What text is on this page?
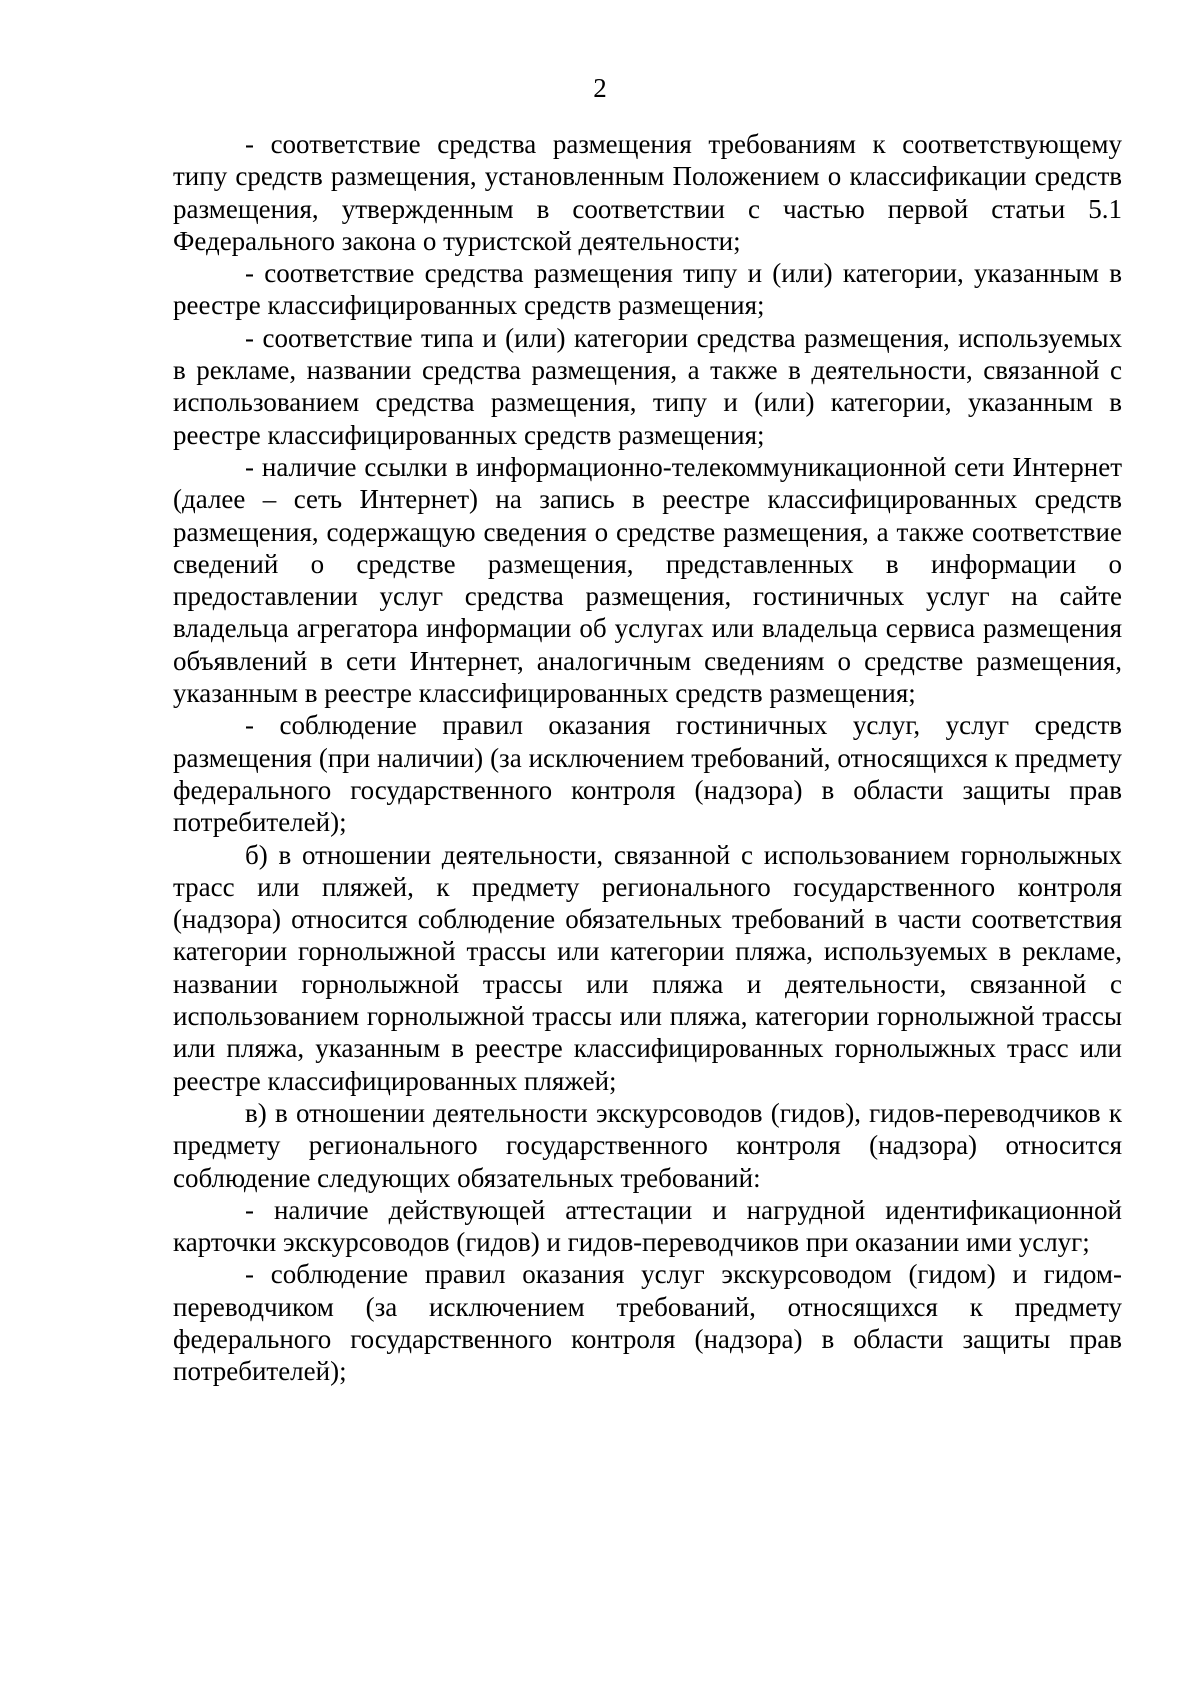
2

- соответствие средства размещения требованиям к соответствующему типу средств размещения, установленным Положением о классификации средств размещения, утвержденным в соответствии с частью первой статьи 5.1 Федерального закона о туристской деятельности;

- соответствие средства размещения типу и (или) категории, указанным в реестре классифицированных средств размещения;

- соответствие типа и (или) категории средства размещения, используемых в рекламе, названии средства размещения, а также в деятельности, связанной с использованием средства размещения, типу и (или) категории, указанным в реестре классифицированных средств размещения;

- наличие ссылки в информационно-телекоммуникационной сети Интернет (далее – сеть Интернет) на запись в реестре классифицированных средств размещения, содержащую сведения о средстве размещения, а также соответствие сведений о средстве размещения, представленных в информации о предоставлении услуг средства размещения, гостиничных услуг на сайте владельца агрегатора информации об услугах или владельца сервиса размещения объявлений в сети Интернет, аналогичным сведениям о средстве размещения, указанным в реестре классифицированных средств размещения;

- соблюдение правил оказания гостиничных услуг, услуг средств размещения (при наличии) (за исключением требований, относящихся к предмету федерального государственного контроля (надзора) в области защиты прав потребителей);

б) в отношении деятельности, связанной с использованием горнолыжных трасс или пляжей, к предмету регионального государственного контроля (надзора) относится соблюдение обязательных требований в части соответствия категории горнолыжной трассы или категории пляжа, используемых в рекламе, названии горнолыжной трассы или пляжа и деятельности, связанной с использованием горнолыжной трассы или пляжа, категории горнолыжной трассы или пляжа, указанным в реестре классифицированных горнолыжных трасс или реестре классифицированных пляжей;

в) в отношении деятельности экскурсоводов (гидов), гидов-переводчиков к предмету регионального государственного контроля (надзора) относится соблюдение следующих обязательных требований:

- наличие действующей аттестации и нагрудной идентификационной карточки экскурсоводов (гидов) и гидов-переводчиков при оказании ими услуг;

- соблюдение правил оказания услуг экскурсоводом (гидом) и гидом-переводчиком (за исключением требований, относящихся к предмету федерального государственного контроля (надзора) в области защиты прав потребителей);
